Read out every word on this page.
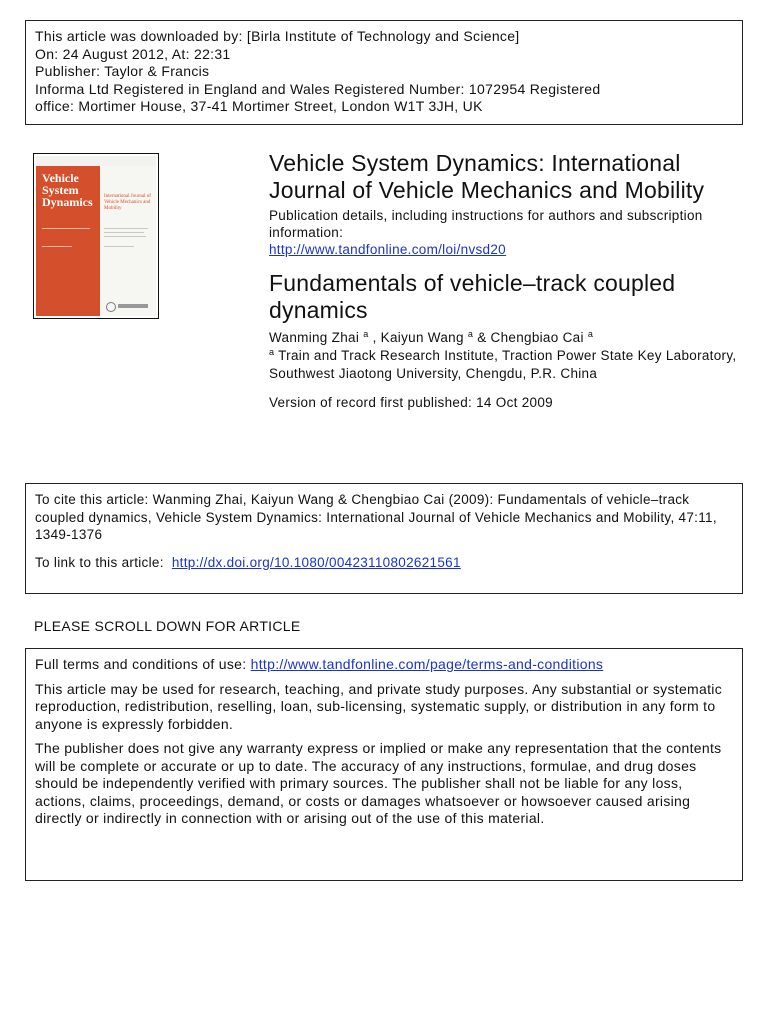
This article was downloaded by: [Birla Institute of Technology and Science]
On: 24 August 2012, At: 22:31
Publisher: Taylor & Francis
Informa Ltd Registered in England and Wales Registered Number: 1072954 Registered
office: Mortimer House, 37-41 Mortimer Street, London W1T 3JH, UK
Vehicle System Dynamics	International Journal of Vehicle Mechanics and Mobility
Vehicle System Dynamics: International Journal of Vehicle Mechanics and Mobility
Publication details, including instructions for authors and subscription information:
http://www.tandfonline.com/loi/nvsd20
Fundamentals of vehicle–track coupled dynamics
Wanming Zhai $^a$ , Kaiyun Wang $^a$ & Chengbiao Cai $^a$
$^a$ Train and Track Research Institute, Traction Power State Key Laboratory, Southwest Jiaotong University, Chengdu, P.R. China
Version of record first published: 14 Oct 2009
To cite this article: Wanming Zhai, Kaiyun Wang & Chengbiao Cai (2009): Fundamentals of vehicle–track coupled dynamics, Vehicle System Dynamics: International Journal of Vehicle Mechanics and Mobility, 47:11, 1349-1376
To link to this article: http://dx.doi.org/10.1080/00423110802621561
PLEASE SCROLL DOWN FOR ARTICLE

Full terms and conditions of use: http://www.tandfonline.com/page/terms-and-conditions

This article may be used for research, teaching, and private study purposes. Any substantial or systematic reproduction, redistribution, reselling, loan, sub-licensing, systematic supply, or distribution in any form to anyone is expressly forbidden.

The publisher does not give any warranty express or implied or make any representation that the contents will be complete or accurate or up to date. The accuracy of any instructions, formulae, and drug doses should be independently verified with primary sources. The publisher shall not be liable for any loss, actions, claims, proceedings, demand, or costs or damages whatsoever or howsoever caused arising directly or indirectly in connection with or arising out of the use of this material.
